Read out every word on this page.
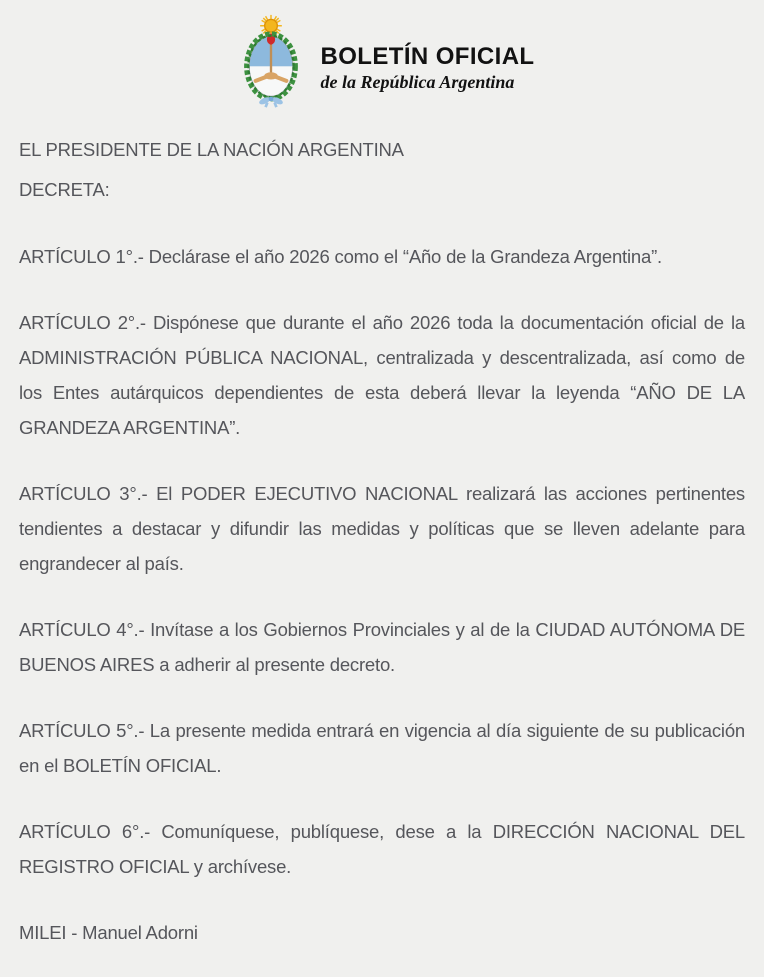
BOLETÍN OFICIAL
de la República Argentina

EL PRESIDENTE DE LA NACIÓN ARGENTINA

DECRETA:

ARTÍCULO 1°.- Declárase el año 2026 como el “Año de la Grandeza Argentina”.

ARTÍCULO 2°.- Dispónese que durante el año 2026 toda la documentación oficial de la ADMINISTRACIÓN PÚBLICA NACIONAL, centralizada y descentralizada, así como de los Entes autárquicos dependientes de esta deberá llevar la leyenda “AÑO DE LA GRANDEZA ARGENTINA”.

ARTÍCULO 3°.- El PODER EJECUTIVO NACIONAL realizará las acciones pertinentes tendientes a destacar y difundir las medidas y políticas que se lleven adelante para engrandecer al país.

ARTÍCULO 4°.- Invítase a los Gobiernos Provinciales y al de la CIUDAD AUTÓNOMA DE BUENOS AIRES a adherir al presente decreto.

ARTÍCULO 5°.- La presente medida entrará en vigencia al día siguiente de su publicación en el BOLETÍN OFICIAL.

ARTÍCULO 6°.- Comuníquese, publíquese, dese a la DIRECCIÓN NACIONAL DEL REGISTRO OFICIAL y archívese.

MILEI - Manuel Adorni
